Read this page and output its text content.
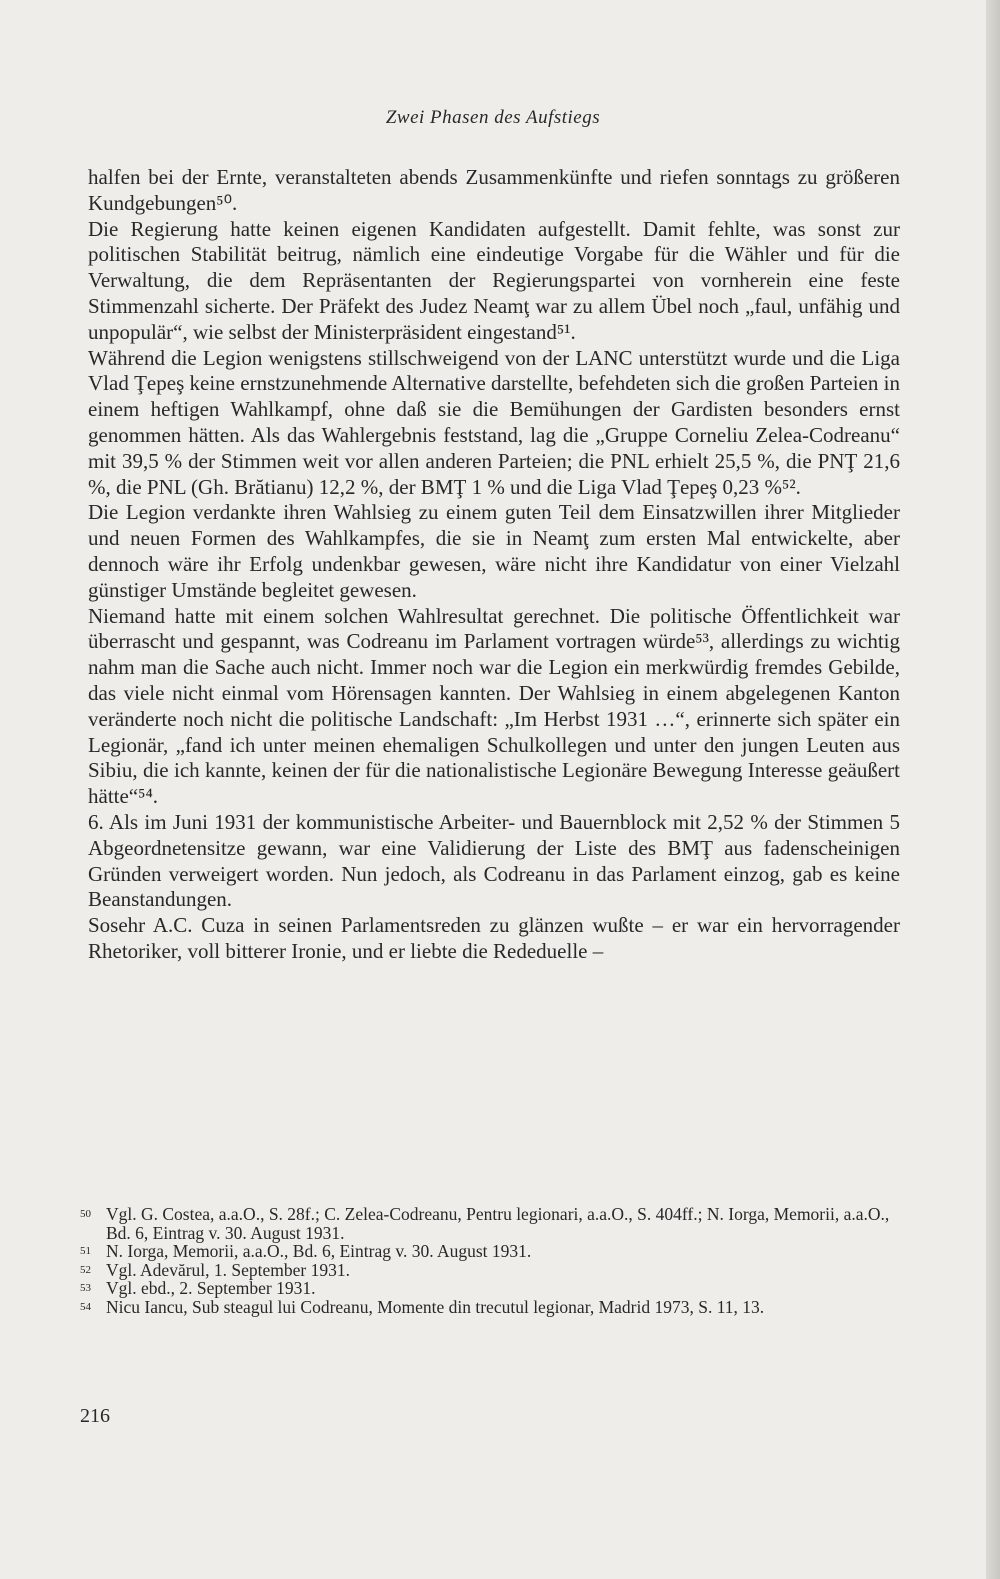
Zwei Phasen des Aufstiegs

halfen bei der Ernte, veranstalteten abends Zusammenkünfte und riefen sonntags zu größeren Kundgebungen⁵⁰.

Die Regierung hatte keinen eigenen Kandidaten aufgestellt. Damit fehlte, was sonst zur politischen Stabilität beitrug, nämlich eine eindeutige Vorgabe für die Wähler und für die Verwaltung, die dem Repräsentanten der Regierungspartei von vornherein eine feste Stimmenzahl sicherte. Der Präfekt des Judez Neamţ war zu allem Übel noch „faul, unfähig und unpopulär“, wie selbst der Ministerpräsident eingestand⁵¹.

Während die Legion wenigstens stillschweigend von der LANC unterstützt wurde und die Liga Vlad Ţepeş keine ernstzunehmende Alternative darstellte, befehdeten sich die großen Parteien in einem heftigen Wahlkampf, ohne daß sie die Bemühungen der Gardisten besonders ernst genommen hätten. Als das Wahlergebnis feststand, lag die „Gruppe Corneliu Zelea-Codreanu“ mit 39,5 % der Stimmen weit vor allen anderen Parteien; die PNL erhielt 25,5 %, die PNŢ 21,6 %, die PNL (Gh. Brătianu) 12,2 %, der BMŢ 1 % und die Liga Vlad Ţepeş 0,23 %⁵².

Die Legion verdankte ihren Wahlsieg zu einem guten Teil dem Einsatzwillen ihrer Mitglieder und neuen Formen des Wahlkampfes, die sie in Neamţ zum ersten Mal entwickelte, aber dennoch wäre ihr Erfolg undenkbar gewesen, wäre nicht ihre Kandidatur von einer Vielzahl günstiger Umstände begleitet gewesen.

Niemand hatte mit einem solchen Wahlresultat gerechnet. Die politische Öffentlichkeit war überrascht und gespannt, was Codreanu im Parlament vortragen würde⁵³, allerdings zu wichtig nahm man die Sache auch nicht. Immer noch war die Legion ein merkwürdig fremdes Gebilde, das viele nicht einmal vom Hörensagen kannten. Der Wahlsieg in einem abgelegenen Kanton veränderte noch nicht die politische Landschaft: „Im Herbst 1931 …“, erinnerte sich später ein Legionär, „fand ich unter meinen ehemaligen Schulkollegen und unter den jungen Leuten aus Sibiu, die ich kannte, keinen der für die nationalistische Legionäre Bewegung Interesse geäußert hätte“⁵⁴.

6. Als im Juni 1931 der kommunistische Arbeiter- und Bauernblock mit 2,52 % der Stimmen 5 Abgeordnetensitze gewann, war eine Validierung der Liste des BMŢ aus fadenscheinigen Gründen verweigert worden. Nun jedoch, als Codreanu in das Parlament einzog, gab es keine Beanstandungen.

Sosehr A.C. Cuza in seinen Parlamentsreden zu glänzen wußte – er war ein hervorragender Rhetoriker, voll bitterer Ironie, und er liebte die Rededuelle –

50 Vgl. G. Costea, a.a.O., S. 28f.; C. Zelea-Codreanu, Pentru legionari, a.a.O., S. 404ff.; N. Iorga, Memorii, a.a.O., Bd. 6, Eintrag v. 30. August 1931.
51 N. Iorga, Memorii, a.a.O., Bd. 6, Eintrag v. 30. August 1931.
52 Vgl. Adevărul, 1. September 1931.
53 Vgl. ebd., 2. September 1931.
54 Nicu Iancu, Sub steagul lui Codreanu, Momente din trecutul legionar, Madrid 1973, S. 11, 13.
216
